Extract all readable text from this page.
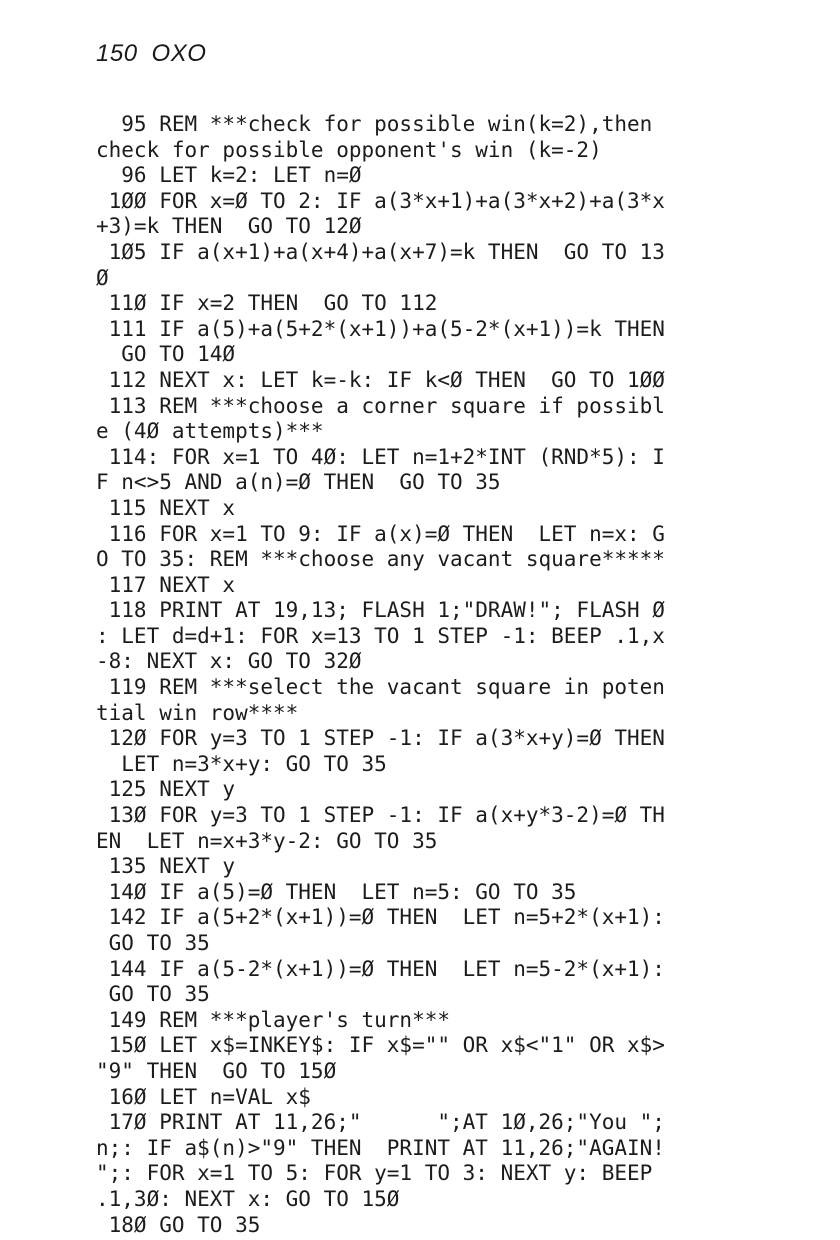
150 OXO
95 REM ***check for possible win(k=2),then
check for possible opponent's win (k=-2)
96 LET k=2: LET n=Ø
1ØØ FOR x=Ø TO 2: IF a(3*x+1)+a(3*x+2)+a(3*x
+3)=k THEN  GO TO 12Ø
1Ø5 IF a(x+1)+a(x+4)+a(x+7)=k THEN  GO TO 13
Ø
11Ø IF x=2 THEN  GO TO 112
111 IF a(5)+a(5+2*(x+1))+a(5-2*(x+1))=k THEN
GO TO 14Ø
112 NEXT x: LET k=-k: IF k<Ø THEN  GO TO 1ØØ
113 REM ***choose a corner square if possibl
e (4Ø attempts)***
114: FOR x=1 TO 4Ø: LET n=1+2*INT (RND*5): I
F n<>5 AND a(n)=Ø THEN  GO TO 35
115 NEXT x
116 FOR x=1 TO 9: IF a(x)=Ø THEN  LET n=x: G
O TO 35: REM ***choose any vacant square*****
117 NEXT x
118 PRINT AT 19,13; FLASH 1;"DRAW!"; FLASH Ø
: LET d=d+1: FOR x=13 TO 1 STEP -1: BEEP .1,x
-8: NEXT x: GO TO 32Ø
119 REM ***select the vacant square in poten
tial win row****
12Ø FOR y=3 TO 1 STEP -1: IF a(3*x+y)=Ø THEN
LET n=3*x+y: GO TO 35
125 NEXT y
13Ø FOR y=3 TO 1 STEP -1: IF a(x+y*3-2)=Ø TH
EN  LET n=x+3*y-2: GO TO 35
135 NEXT y
14Ø IF a(5)=Ø THEN  LET n=5: GO TO 35
142 IF a(5+2*(x+1))=Ø THEN  LET n=5+2*(x+1):
GO TO 35
144 IF a(5-2*(x+1))=Ø THEN  LET n=5-2*(x+1):
GO TO 35
149 REM ***player's turn***
15Ø LET x$=INKEY$: IF x$="" OR x$<"1" OR x$>
"9" THEN  GO TO 15Ø
16Ø LET n=VAL x$
17Ø PRINT AT 11,26;"      ";AT 1Ø,26;"You ";
n;: IF a$(n)>"9" THEN  PRINT AT 11,26;"AGAIN!
";: FOR x=1 TO 5: FOR y=1 TO 3: NEXT y: BEEP
.1,3Ø: NEXT x: GO TO 15Ø
18Ø GO TO 35
